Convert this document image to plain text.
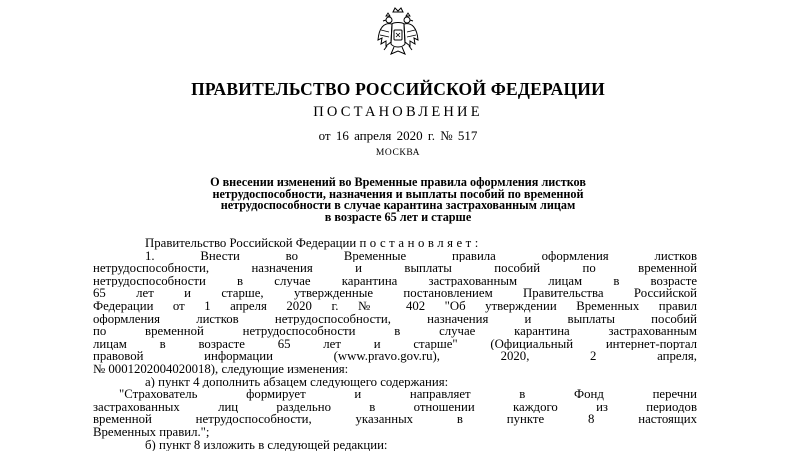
ПРАВИТЕЛЬСТВО РОССИЙСКОЙ ФЕДЕРАЦИИ
ПОСТАНОВЛЕНИЕ
от 16 апреля 2020 г. № 517
МОСКВА
О внесении изменений во Временные правила оформления листков
нетрудоспособности, назначения и выплаты пособий по временной
нетрудоспособности в случае карантина застрахованным лицам
в возрасте 65 лет и старше
Правительство Российской Федерации постановляет:
1. Внести во Временные правила оформления листков
нетрудоспособности, назначения и выплаты пособий по временной
нетрудоспособности в случае карантина застрахованным лицам в возрасте
65 лет и старше, утвержденные постановлением Правительства Российской
Федерации от 1 апреля 2020 г. № 402 "Об утверждении Временных правил
оформления листков нетрудоспособности, назначения и выплаты пособий
по временной нетрудоспособности в случае карантина застрахованным
лицам в возрасте 65 лет и старше" (Официальный интернет-портал
правовой информации (www.pravo.gov.ru), 2020, 2 апреля,
№ 0001202004020018), следующие изменения:
а) пункт 4 дополнить абзацем следующего содержания:
"Страхователь формирует и направляет в Фонд перечни
застрахованных лиц раздельно в отношении каждого из периодов
временной нетрудоспособности, указанных в пункте 8 настоящих
Временных правил.";
б) пункт 8 изложить в следующей редакции:
